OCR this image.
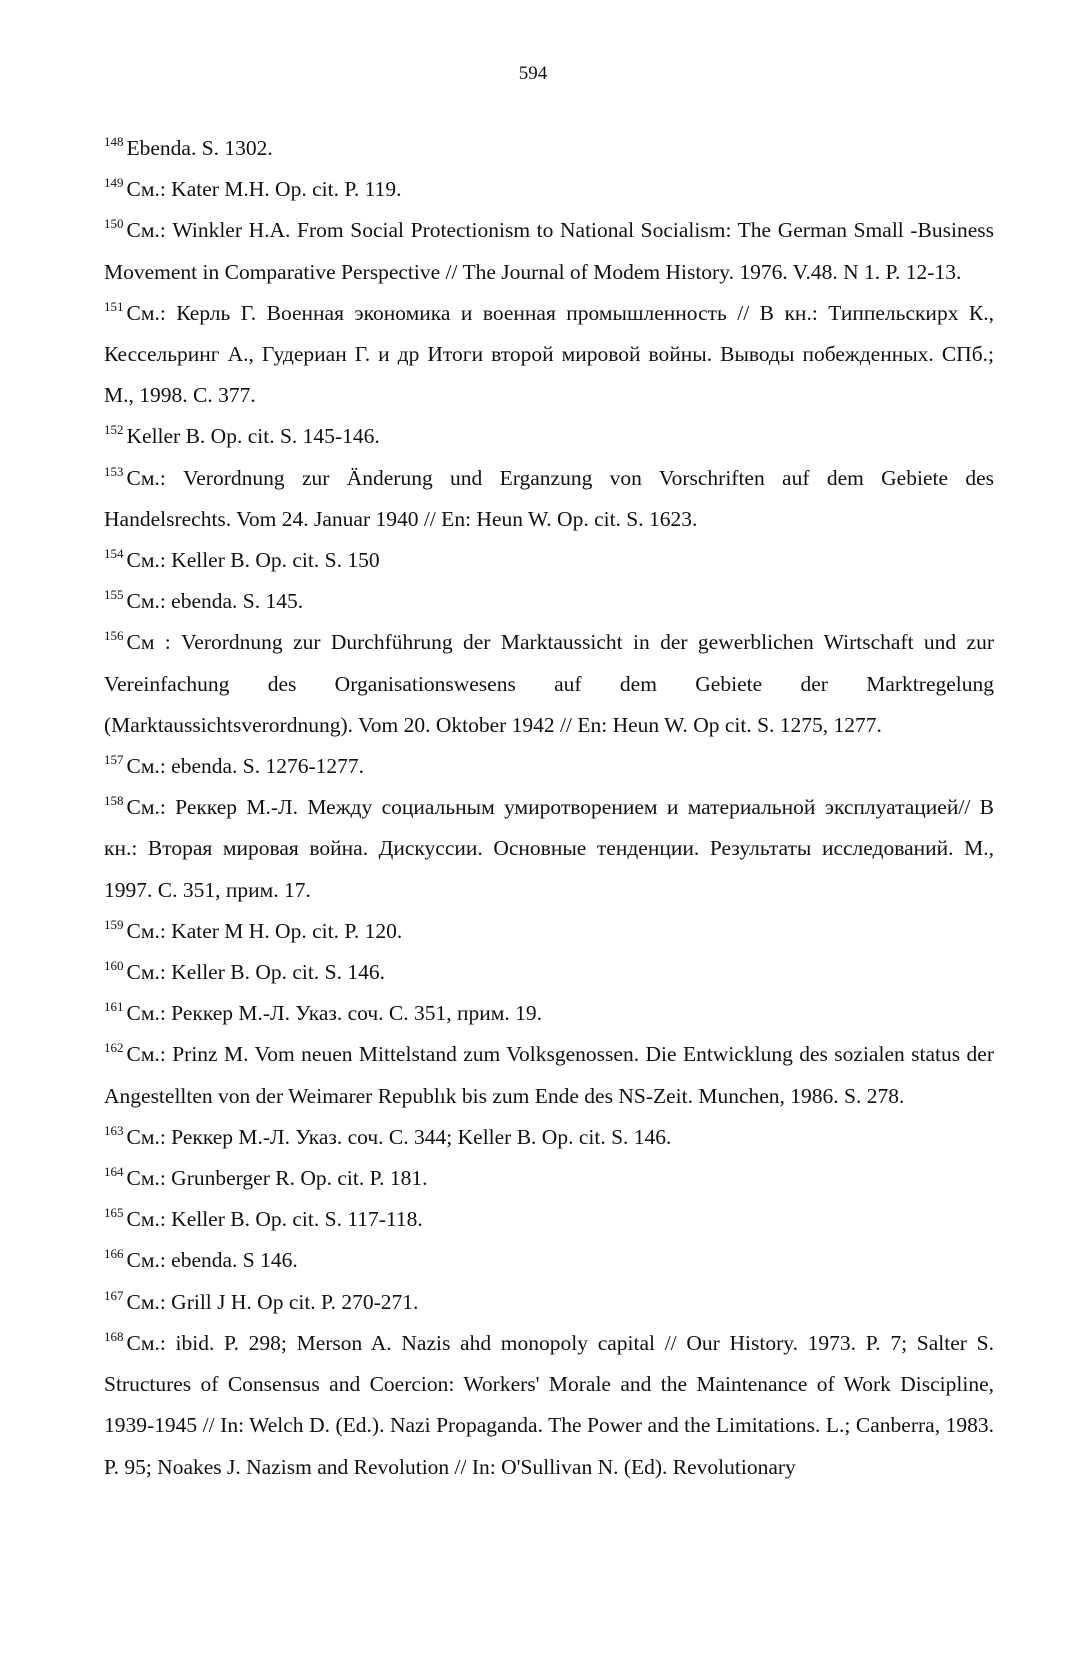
594

$^{148}$ Ebenda. S. 1302.

$^{149}$ См.: Kater M.H. Op. cit. P. 119.

$^{150}$ См.: Winkler H.A. From Social Protectionism to National Socialism: The German Small -Business Movement in Comparative Perspective // The Journal of Modem History. 1976. V.48. N 1. P. 12-13.

$^{151}$ См.: Керль Г. Военная экономика и военная промышленность // В кн.: Типпельскирх К., Кессельринг А., Гудериан Г. и др Итоги второй мировой войны. Выводы побежденных. СПб.; М., 1998. С. 377.

$^{152}$ Keller B. Op. cit. S. 145-146.

$^{153}$ См.: Verordnung zur Änderung und Erganzung von Vorschriften auf dem Gebiete des Handelsrechts. Vom 24. Januar 1940 // En: Heun W. Op. cit. S. 1623.

$^{154}$ См.: Keller B. Op. cit. S. 150

$^{155}$ См.: ebenda. S. 145.

$^{156}$ См : Verordnung zur Durchführung der Marktaussicht in der gewerblichen Wirtschaft und zur Vereinfachung des Organisationswesens auf dem Gebiete der Marktregelung (Marktaussichtsverordnung). Vom 20. Oktober 1942 // En: Heun W. Op cit. S. 1275, 1277.

$^{157}$ См.: ebenda. S. 1276-1277.

$^{158}$ См.: Реккер М.-Л. Между социальным умиротворением и материальной эксплуатацией// В кн.: Вторая мировая война. Дискуссии. Основные тенденции. Результаты исследований. М., 1997. С. 351, прим. 17.

$^{159}$ См.: Kater M H. Op. cit. P. 120.

$^{160}$ См.: Keller B. Op. cit. S. 146.

$^{161}$ См.: Реккер М.-Л. Указ. соч. С. 351, прим. 19.

$^{162}$ См.: Prinz M. Vom neuen Mittelstand zum Volksgenossen. Die Entwicklung des sozialen status der Angestellten von der Weimarer Republık bis zum Ende des NS-Zeit. Munchen, 1986. S. 278.

$^{163}$ См.: Реккер М.-Л. Указ. соч. С. 344; Keller B. Op. cit. S. 146.

$^{164}$ См.: Grunberger R. Op. cit. P. 181.

$^{165}$ См.: Keller B. Op. cit. S. 117-118.

$^{166}$ См.: ebenda. S 146.

$^{167}$ См.: Grill J H. Op cit. P. 270-271.

$^{168}$ См.: ibid. P. 298; Merson A. Nazis ahd monopoly capital // Our History. 1973. P. 7; Salter S. Structures of Consensus and Coercion: Workers' Morale and the Maintenance of Work Discipline, 1939-1945 // In: Welch D. (Ed.). Nazi Propaganda. The Power and the Limitations. L.; Canberra, 1983. P. 95; Noakes J. Nazism and Revolution // In: O'Sullivan N. (Ed). Revolutionary
